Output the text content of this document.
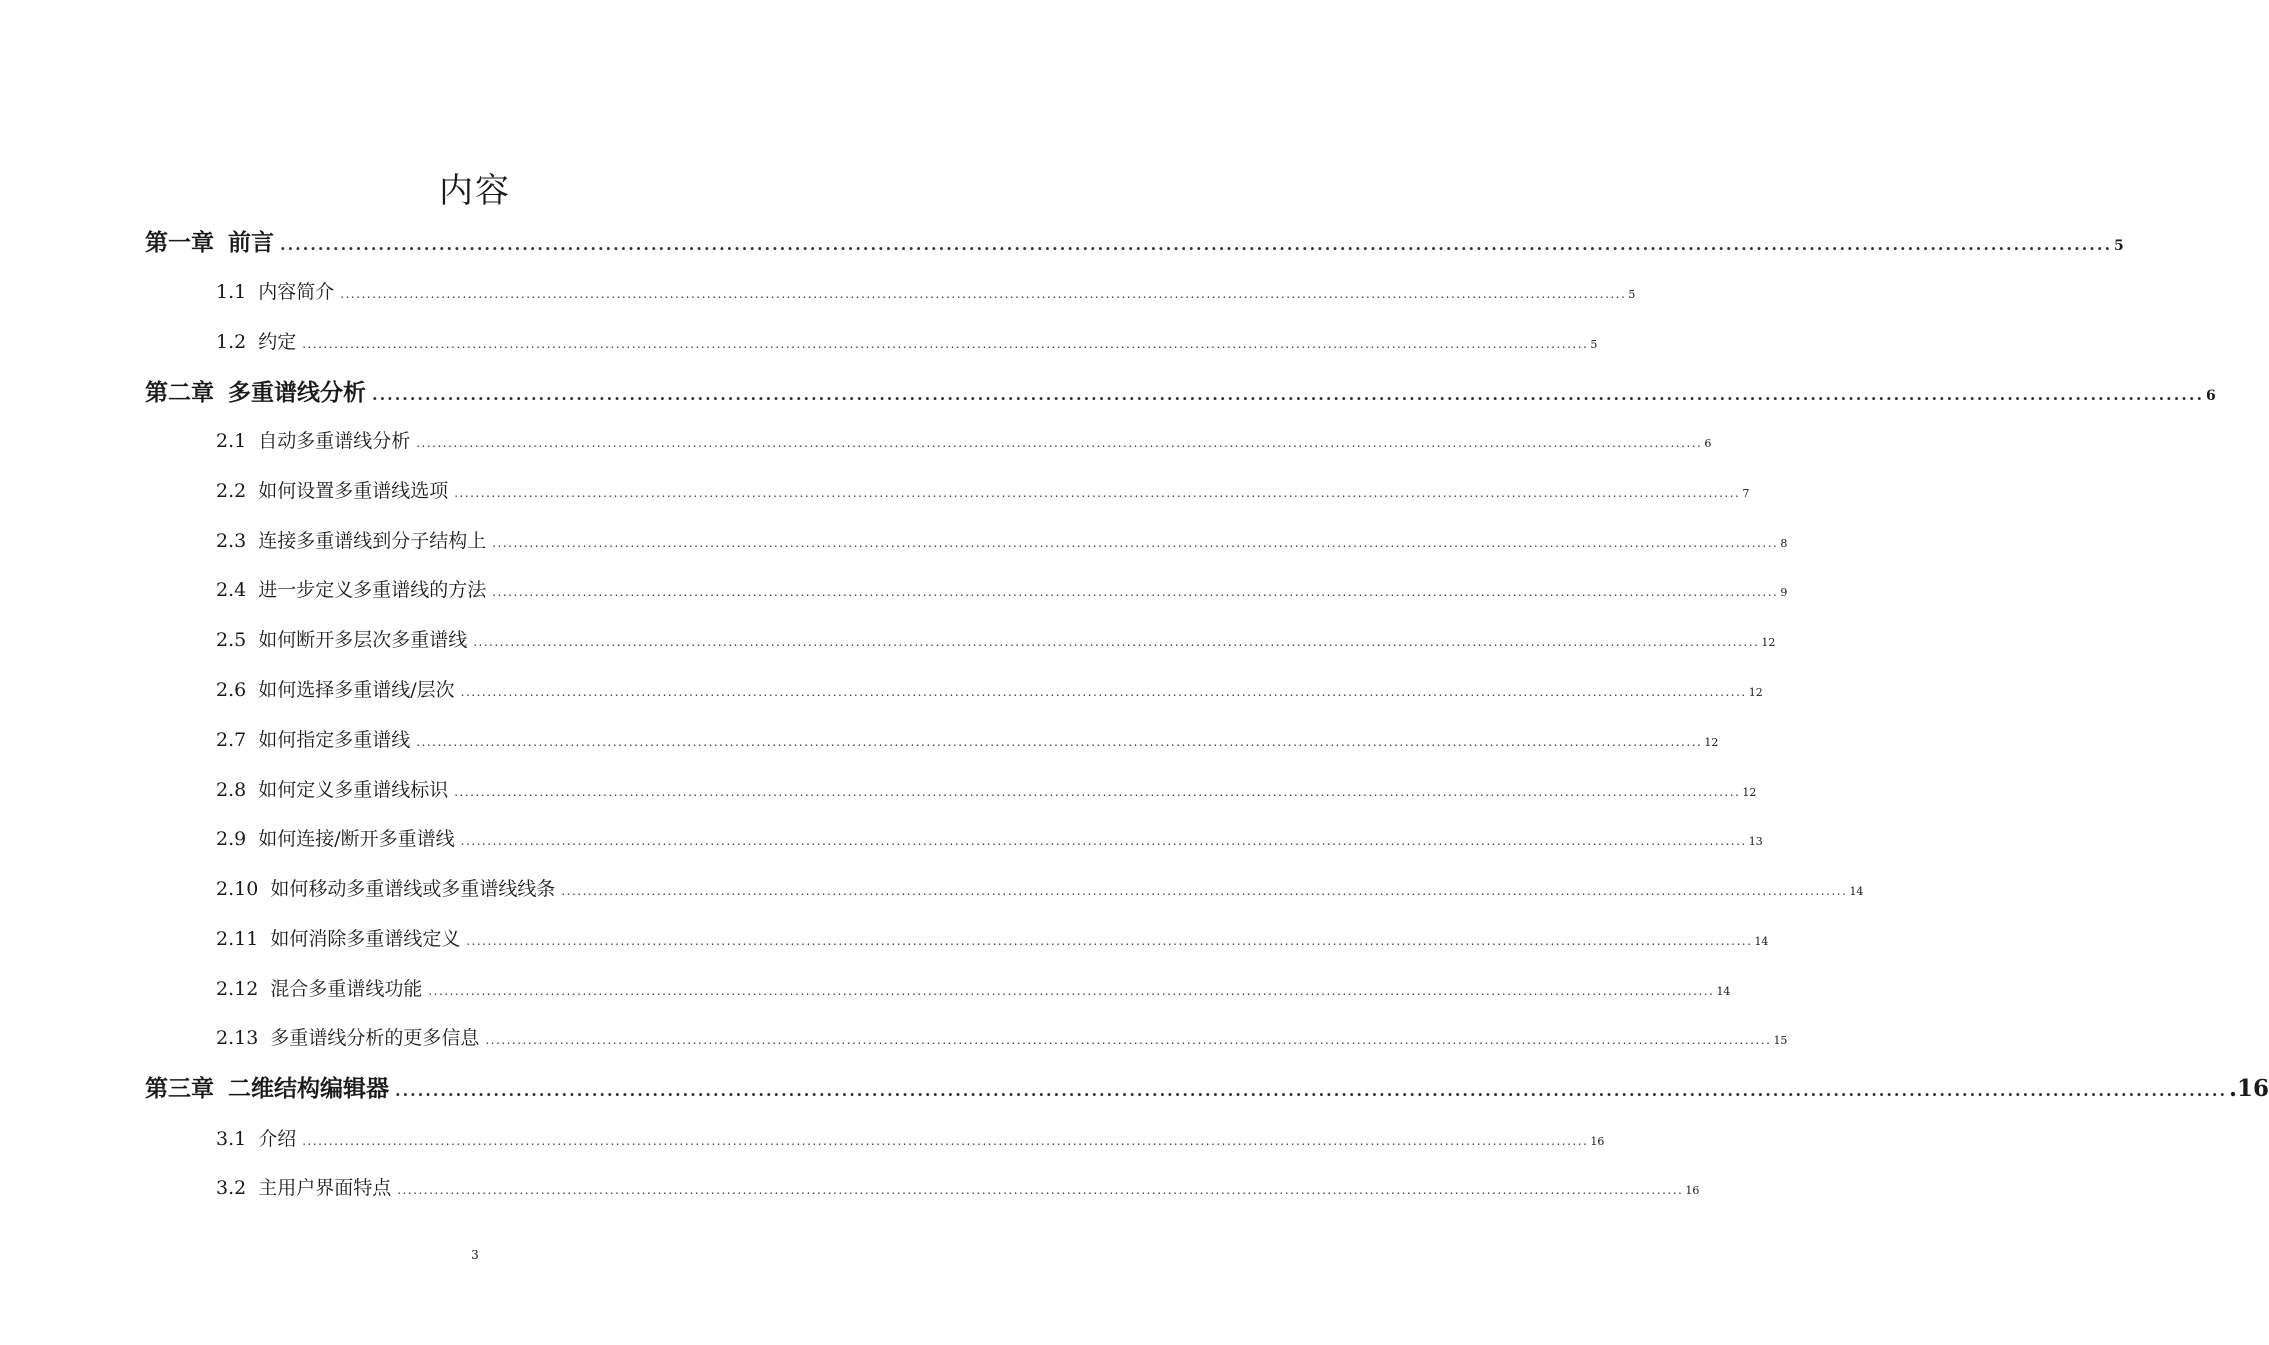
内容
第一章 前言 .................................................................................................................................................................................................................................................. 5
1.1 内容简介 .................................................................................................................................................................................................................................................. 5
1.2 约定 .................................................................................................................................................................................................................................................. 5
第二章 多重谱线分析 .................................................................................................................................................................................................................................................. 6
2.1 自动多重谱线分析 .................................................................................................................................................................................................................................................. 6
2.2 如何设置多重谱线选项 .................................................................................................................................................................................................................................................. 7
2.3 连接多重谱线到分子结构上 .................................................................................................................................................................................................................................................. 8
2.4 进一步定义多重谱线的方法 .................................................................................................................................................................................................................................................. 9
2.5 如何断开多层次多重谱线 .................................................................................................................................................................................................................................................. 12
2.6 如何选择多重谱线/层次 .................................................................................................................................................................................................................................................. 12
2.7 如何指定多重谱线 .................................................................................................................................................................................................................................................. 12
2.8 如何定义多重谱线标识 .................................................................................................................................................................................................................................................. 12
2.9 如何连接/断开多重谱线 .................................................................................................................................................................................................................................................. 13
2.10 如何移动多重谱线或多重谱线线条 .................................................................................................................................................................................................................................................. 14
2.11 如何消除多重谱线定义 .................................................................................................................................................................................................................................................. 14
2.12 混合多重谱线功能 .................................................................................................................................................................................................................................................. 14
2.13 多重谱线分析的更多信息 .................................................................................................................................................................................................................................................. 15
第三章 二维结构编辑器 .................................................................................................................................................................................................................................................. .16
3.1 介绍 .................................................................................................................................................................................................................................................. 16
3.2 主用户界面特点 .................................................................................................................................................................................................................................................. 16
3
